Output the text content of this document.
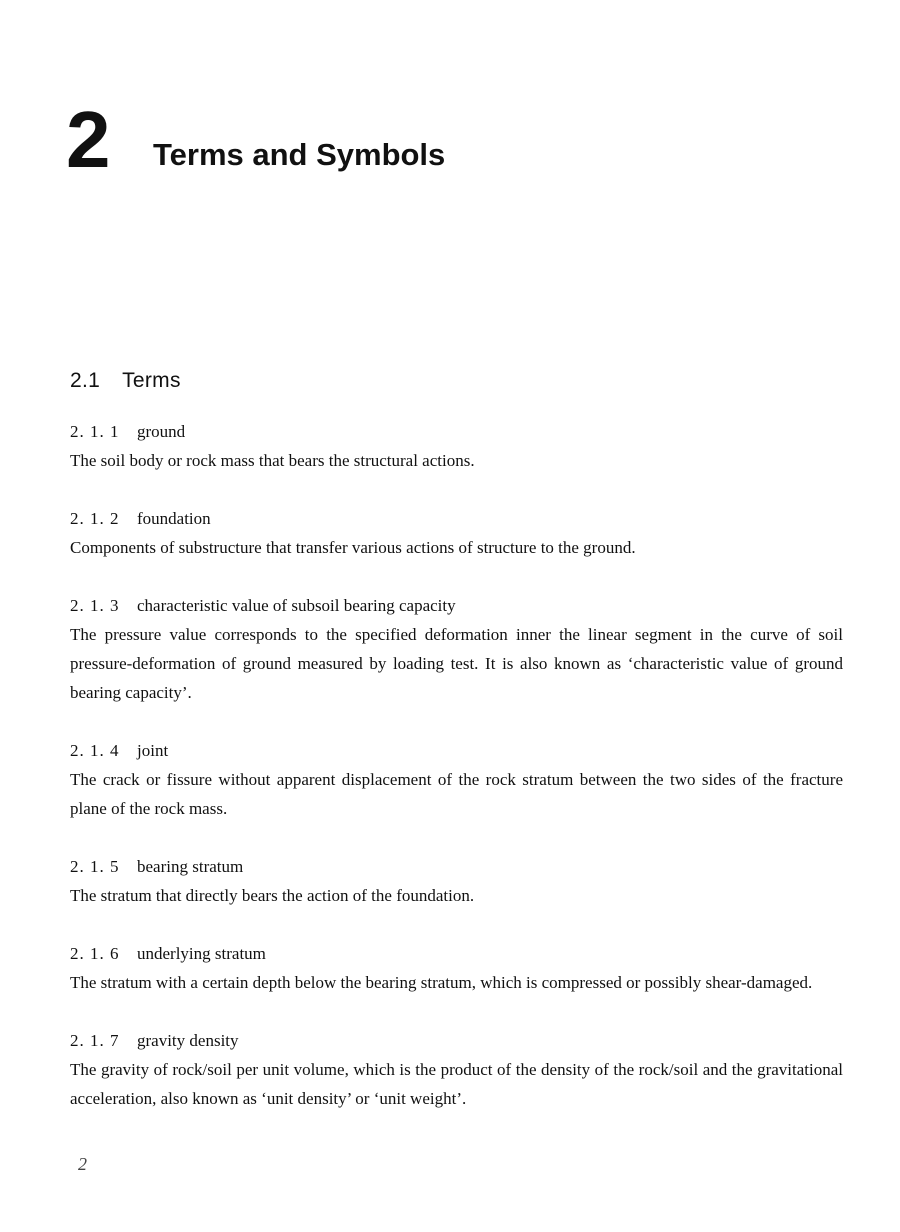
2 Terms and Symbols
2.1 Terms
2. 1. 1 ground

The soil body or rock mass that bears the structural actions.

2. 1. 2 foundation

Components of substructure that transfer various actions of structure to the ground.

2. 1. 3 characteristic value of subsoil bearing capacity

The pressure value corresponds to the specified deformation inner the linear segment in the curve of soil pressure-deformation of ground measured by loading test. It is also known as ‘characteristic value of ground bearing capacity’.

2. 1. 4 joint

The crack or fissure without apparent displacement of the rock stratum between the two sides of the fracture plane of the rock mass.

2. 1. 5 bearing stratum

The stratum that directly bears the action of the foundation.

2. 1. 6 underlying stratum

The stratum with a certain depth below the bearing stratum, which is compressed or possibly shear-damaged.

2. 1. 7 gravity density

The gravity of rock/soil per unit volume, which is the product of the density of the rock/soil and the gravitational acceleration, also known as ‘unit density’ or ‘unit weight’.

2
